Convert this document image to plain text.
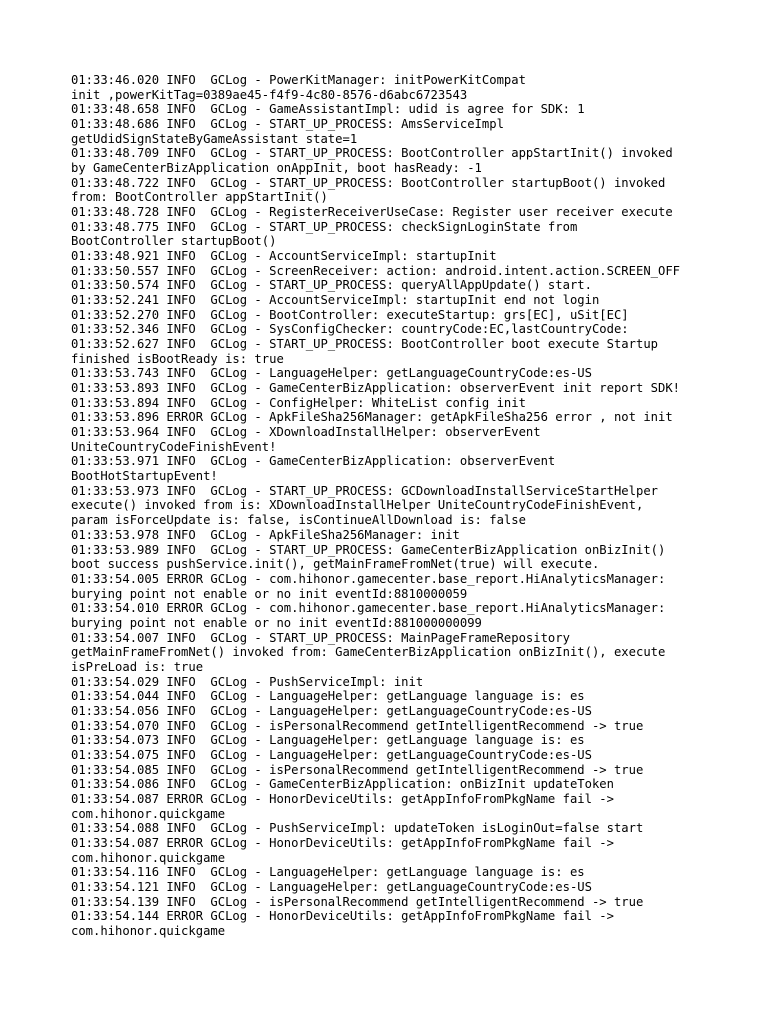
01:33:46.020 INFO  GCLog - PowerKitManager: initPowerKitCompat
init ,powerKitTag=0389ae45-f4f9-4c80-8576-d6abc6723543
01:33:48.658 INFO  GCLog - GameAssistantImpl: udid is agree for SDK: 1
01:33:48.686 INFO  GCLog - START_UP_PROCESS: AmsServiceImpl
getUdidSignStateByGameAssistant state=1
01:33:48.709 INFO  GCLog - START_UP_PROCESS: BootController appStartInit() invoked
by GameCenterBizApplication onAppInit, boot hasReady: -1
01:33:48.722 INFO  GCLog - START_UP_PROCESS: BootController startupBoot() invoked
from: BootController appStartInit()
01:33:48.728 INFO  GCLog - RegisterReceiverUseCase: Register user receiver execute
01:33:48.775 INFO  GCLog - START_UP_PROCESS: checkSignLoginState from
BootController startupBoot()
01:33:48.921 INFO  GCLog - AccountServiceImpl: startupInit
01:33:50.557 INFO  GCLog - ScreenReceiver: action: android.intent.action.SCREEN_OFF
01:33:50.574 INFO  GCLog - START_UP_PROCESS: queryAllAppUpdate() start.
01:33:52.241 INFO  GCLog - AccountServiceImpl: startupInit end not login
01:33:52.270 INFO  GCLog - BootController: executeStartup: grs[EC], uSit[EC]
01:33:52.346 INFO  GCLog - SysConfigChecker: countryCode:EC,lastCountryCode:
01:33:52.627 INFO  GCLog - START_UP_PROCESS: BootController boot execute Startup
finished isBootReady is: true
01:33:53.743 INFO  GCLog - LanguageHelper: getLanguageCountryCode:es-US
01:33:53.893 INFO  GCLog - GameCenterBizApplication: observerEvent init report SDK!
01:33:53.894 INFO  GCLog - ConfigHelper: WhiteList config init
01:33:53.896 ERROR GCLog - ApkFileSha256Manager: getApkFileSha256 error , not init
01:33:53.964 INFO  GCLog - XDownloadInstallHelper: observerEvent
UniteCountryCodeFinishEvent!
01:33:53.971 INFO  GCLog - GameCenterBizApplication: observerEvent
BootHotStartupEvent!
01:33:53.973 INFO  GCLog - START_UP_PROCESS: GCDownloadInstallServiceStartHelper
execute() invoked from is: XDownloadInstallHelper UniteCountryCodeFinishEvent,
param isForceUpdate is: false, isContinueAllDownload is: false
01:33:53.978 INFO  GCLog - ApkFileSha256Manager: init
01:33:53.989 INFO  GCLog - START_UP_PROCESS: GameCenterBizApplication onBizInit()
boot success pushService.init(), getMainFrameFromNet(true) will execute.
01:33:54.005 ERROR GCLog - com.hihonor.gamecenter.base_report.HiAnalyticsManager:
burying point not enable or no init eventId:8810000059
01:33:54.010 ERROR GCLog - com.hihonor.gamecenter.base_report.HiAnalyticsManager:
burying point not enable or no init eventId:881000000099
01:33:54.007 INFO  GCLog - START_UP_PROCESS: MainPageFrameRepository
getMainFrameFromNet() invoked from: GameCenterBizApplication onBizInit(), execute
isPreLoad is: true
01:33:54.029 INFO  GCLog - PushServiceImpl: init
01:33:54.044 INFO  GCLog - LanguageHelper: getLanguage language is: es
01:33:54.056 INFO  GCLog - LanguageHelper: getLanguageCountryCode:es-US
01:33:54.070 INFO  GCLog - isPersonalRecommend getIntelligentRecommend -> true
01:33:54.073 INFO  GCLog - LanguageHelper: getLanguage language is: es
01:33:54.075 INFO  GCLog - LanguageHelper: getLanguageCountryCode:es-US
01:33:54.085 INFO  GCLog - isPersonalRecommend getIntelligentRecommend -> true
01:33:54.086 INFO  GCLog - GameCenterBizApplication: onBizInit updateToken
01:33:54.087 ERROR GCLog - HonorDeviceUtils: getAppInfoFromPkgName fail ->
com.hihonor.quickgame
01:33:54.088 INFO  GCLog - PushServiceImpl: updateToken isLoginOut=false start
01:33:54.087 ERROR GCLog - HonorDeviceUtils: getAppInfoFromPkgName fail ->
com.hihonor.quickgame
01:33:54.116 INFO  GCLog - LanguageHelper: getLanguage language is: es
01:33:54.121 INFO  GCLog - LanguageHelper: getLanguageCountryCode:es-US
01:33:54.139 INFO  GCLog - isPersonalRecommend getIntelligentRecommend -> true
01:33:54.144 ERROR GCLog - HonorDeviceUtils: getAppInfoFromPkgName fail ->
com.hihonor.quickgame
